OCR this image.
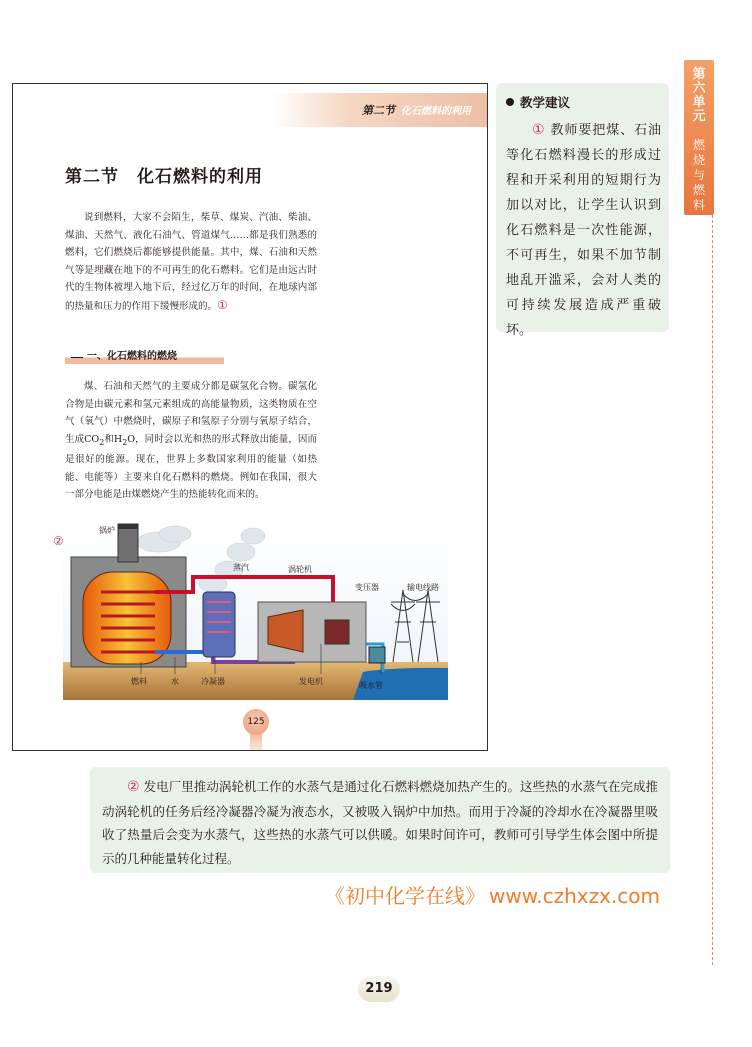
第二节 化石燃料的利用
第二节　化石燃料的利用
说到燃料，大家不会陌生，柴草、煤炭、汽油、柴油、煤油、天然气、液化石油气、管道煤气……都是我们熟悉的燃料，它们燃烧后都能够提供能量。其中，煤、石油和天然气等是埋藏在地下的不可再生的化石燃料。它们是由远古时代的生物体被埋入地下后，经过亿万年的时间，在地球内部的热量和压力的作用下缓慢形成的。①
一、化石燃料的燃烧
煤、石油和天然气的主要成分都是碳氢化合物。碳氢化合物是由碳元素和氢元素组成的高能量物质，这类物质在空气（氧气）中燃烧时，碳原子和氢原子分别与氧原子结合，生成$CO_2$和$H_2O$，同时会以光和热的形式释放出能量，因而是很好的能源。现在，世界上多数国家利用的能量（如热能、电能等）主要来自化石燃料的燃烧。例如在我国，很大一部分电能是由煤燃烧产生的热能转化而来的。
②
锅炉
蒸汽	涡轮机
变压器	输电线路
燃料	水	冷凝器	发电机	吸水管
125
教学建议
① 教师要把煤、石油等化石燃料漫长的形成过程和开采利用的短期行为加以对比，让学生认识到化石燃料是一次性能源，不可再生，如果不加节制地乱开滥采，会对人类的可持续发展造成严重破坏。
第
六
单
元
燃
烧
与
燃
料
② 发电厂里推动涡轮机工作的水蒸气是通过化石燃料燃烧加热产生的。这些热的水蒸气在完成推动涡轮机的任务后经冷凝器冷凝为液态水，又被吸入锅炉中加热。而用于冷凝的冷却水在冷凝器里吸收了热量后会变为水蒸气，这些热的水蒸气可以供暖。如果时间许可，教师可引导学生体会图中所提示的几种能量转化过程。
《初中化学在线》 www.czhxzx.com
219
